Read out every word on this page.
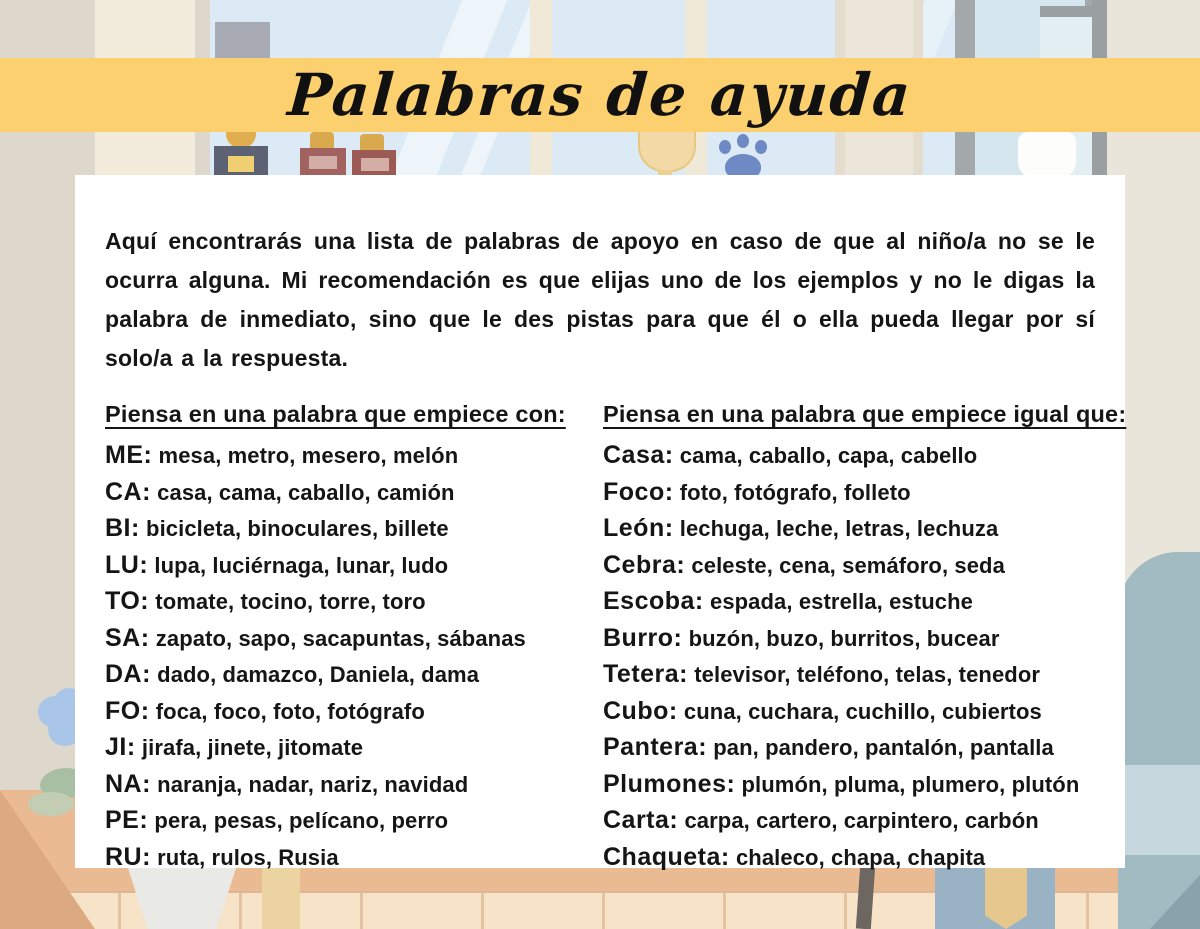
Palabras de ayuda

Aquí encontrarás una lista de palabras de apoyo en caso de que al niño/a no se le ocurra alguna. Mi recomendación es que elijas uno de los ejemplos y no le digas la palabra de inmediato, sino que le des pistas para que él o ella pueda llegar por sí solo/a a la respuesta.

Piensa en una palabra que empiece con:
ME: mesa, metro, mesero, melón
CA: casa, cama, caballo, camión
BI: bicicleta, binoculares, billete
LU: lupa, luciérnaga, lunar, ludo
TO: tomate, tocino, torre, toro
SA: zapato, sapo, sacapuntas, sábanas
DA: dado, damazco, Daniela, dama
FO: foca, foco, foto, fotógrafo
JI: jirafa, jinete, jitomate
NA: naranja, nadar, nariz, navidad
PE: pera, pesas, pelícano, perro
RU: ruta, rulos, Rusia
Piensa en una palabra que empiece igual que:
Casa: cama, caballo, capa, cabello
Foco: foto, fotógrafo, folleto
León: lechuga, leche, letras, lechuza
Cebra: celeste, cena, semáforo, seda
Escoba: espada, estrella, estuche
Burro: buzón, buzo, burritos, bucear
Tetera: televisor, teléfono, telas, tenedor
Cubo: cuna, cuchara, cuchillo, cubiertos
Pantera: pan, pandero, pantalón, pantalla
Plumones: plumón, pluma, plumero, plutón
Carta: carpa, cartero, carpintero, carbón
Chaqueta: chaleco, chapa, chapita
